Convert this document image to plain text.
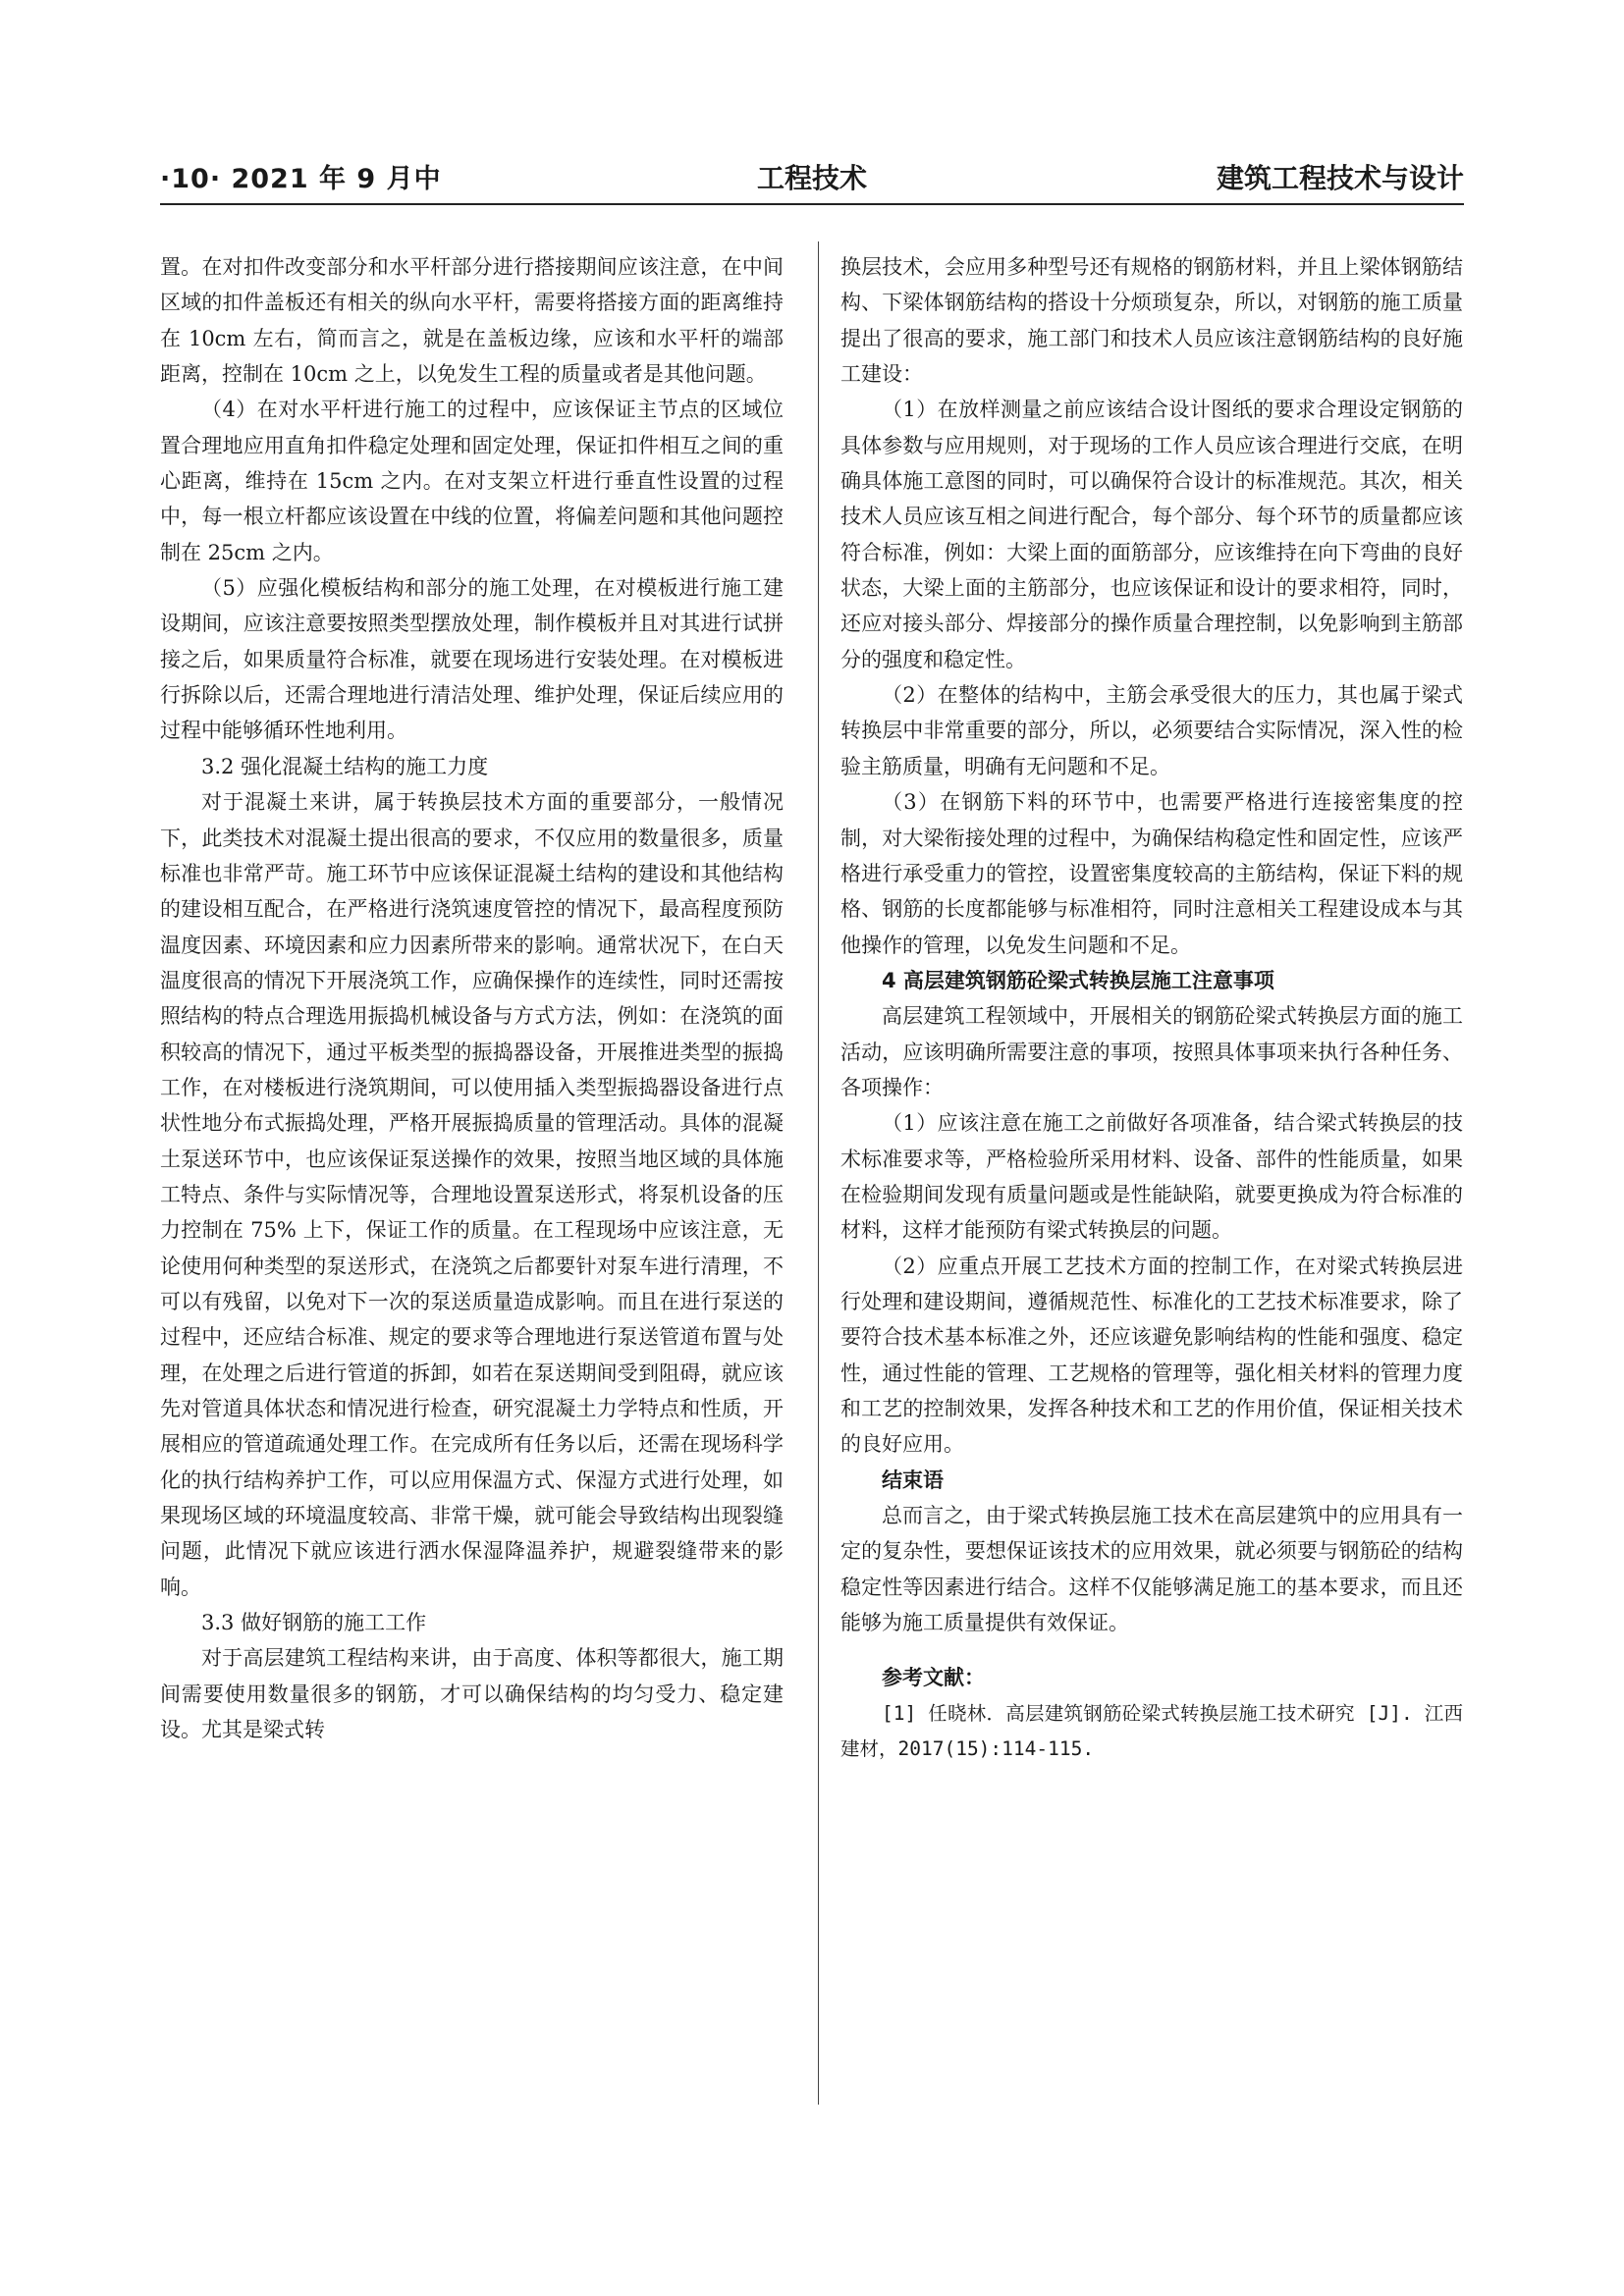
·10· 2021 年 9 月中	工程技术	建筑工程技术与设计

置。在对扣件改变部分和水平杆部分进行搭接期间应该注意，在中间区域的扣件盖板还有相关的纵向水平杆，需要将搭接方面的距离维持在 10cm 左右，简而言之，就是在盖板边缘，应该和水平杆的端部距离，控制在 10cm 之上，以免发生工程的质量或者是其他问题。

（4）在对水平杆进行施工的过程中，应该保证主节点的区域位置合理地应用直角扣件稳定处理和固定处理，保证扣件相互之间的重心距离，维持在 15cm 之内。在对支架立杆进行垂直性设置的过程中，每一根立杆都应该设置在中线的位置，将偏差问题和其他问题控制在 25cm 之内。

（5）应强化模板结构和部分的施工处理，在对模板进行施工建设期间，应该注意要按照类型摆放处理，制作模板并且对其进行试拼接之后，如果质量符合标准，就要在现场进行安装处理。在对模板进行拆除以后，还需合理地进行清洁处理、维护处理，保证后续应用的过程中能够循环性地利用。

3.2 强化混凝土结构的施工力度

对于混凝土来讲，属于转换层技术方面的重要部分，一般情况下，此类技术对混凝土提出很高的要求，不仅应用的数量很多，质量标准也非常严苛。施工环节中应该保证混凝土结构的建设和其他结构的建设相互配合，在严格进行浇筑速度管控的情况下，最高程度预防温度因素、环境因素和应力因素所带来的影响。通常状况下，在白天温度很高的情况下开展浇筑工作，应确保操作的连续性，同时还需按照结构的特点合理选用振捣机械设备与方式方法，例如：在浇筑的面积较高的情况下，通过平板类型的振捣器设备，开展推进类型的振捣工作，在对楼板进行浇筑期间，可以使用插入类型振捣器设备进行点状性地分布式振捣处理，严格开展振捣质量的管理活动。具体的混凝土泵送环节中，也应该保证泵送操作的效果，按照当地区域的具体施工特点、条件与实际情况等，合理地设置泵送形式，将泵机设备的压力控制在 75% 上下，保证工作的质量。在工程现场中应该注意，无论使用何种类型的泵送形式，在浇筑之后都要针对泵车进行清理，不可以有残留，以免对下一次的泵送质量造成影响。而且在进行泵送的过程中，还应结合标准、规定的要求等合理地进行泵送管道布置与处理，在处理之后进行管道的拆卸，如若在泵送期间受到阻碍，就应该先对管道具体状态和情况进行检查，研究混凝土力学特点和性质，开展相应的管道疏通处理工作。在完成所有任务以后，还需在现场科学化的执行结构养护工作，可以应用保温方式、保湿方式进行处理，如果现场区域的环境温度较高、非常干燥，就可能会导致结构出现裂缝问题，此情况下就应该进行洒水保湿降温养护，规避裂缝带来的影响。

3.3 做好钢筋的施工工作

对于高层建筑工程结构来讲，由于高度、体积等都很大，施工期间需要使用数量很多的钢筋，才可以确保结构的均匀受力、稳定建设。尤其是梁式转

换层技术，会应用多种型号还有规格的钢筋材料，并且上梁体钢筋结构、下梁体钢筋结构的搭设十分烦琐复杂，所以，对钢筋的施工质量提出了很高的要求，施工部门和技术人员应该注意钢筋结构的良好施工建设：

（1）在放样测量之前应该结合设计图纸的要求合理设定钢筋的具体参数与应用规则，对于现场的工作人员应该合理进行交底，在明确具体施工意图的同时，可以确保符合设计的标准规范。其次，相关技术人员应该互相之间进行配合，每个部分、每个环节的质量都应该符合标准，例如：大梁上面的面筋部分，应该维持在向下弯曲的良好状态，大梁上面的主筋部分，也应该保证和设计的要求相符，同时，还应对接头部分、焊接部分的操作质量合理控制，以免影响到主筋部分的强度和稳定性。

（2）在整体的结构中，主筋会承受很大的压力，其也属于梁式转换层中非常重要的部分，所以，必须要结合实际情况，深入性的检验主筋质量，明确有无问题和不足。

（3）在钢筋下料的环节中，也需要严格进行连接密集度的控制，对大梁衔接处理的过程中，为确保结构稳定性和固定性，应该严格进行承受重力的管控，设置密集度较高的主筋结构，保证下料的规格、钢筋的长度都能够与标准相符，同时注意相关工程建设成本与其他操作的管理，以免发生问题和不足。

4 高层建筑钢筋砼梁式转换层施工注意事项

高层建筑工程领域中，开展相关的钢筋砼梁式转换层方面的施工活动，应该明确所需要注意的事项，按照具体事项来执行各种任务、各项操作：

（1）应该注意在施工之前做好各项准备，结合梁式转换层的技术标准要求等，严格检验所采用材料、设备、部件的性能质量，如果在检验期间发现有质量问题或是性能缺陷，就要更换成为符合标准的材料，这样才能预防有梁式转换层的问题。

（2）应重点开展工艺技术方面的控制工作，在对梁式转换层进行处理和建设期间，遵循规范性、标准化的工艺技术标准要求，除了要符合技术基本标准之外，还应该避免影响结构的性能和强度、稳定性，通过性能的管理、工艺规格的管理等，强化相关材料的管理力度和工艺的控制效果，发挥各种技术和工艺的作用价值，保证相关技术的良好应用。

结束语

总而言之，由于梁式转换层施工技术在高层建筑中的应用具有一定的复杂性，要想保证该技术的应用效果，就必须要与钢筋砼的结构稳定性等因素进行结合。这样不仅能够满足施工的基本要求，而且还能够为施工质量提供有效保证。

参考文献：

[1] 任晓林．高层建筑钢筋砼梁式转换层施工技术研究 [J]. 江西建材，2017(15):114-115.
